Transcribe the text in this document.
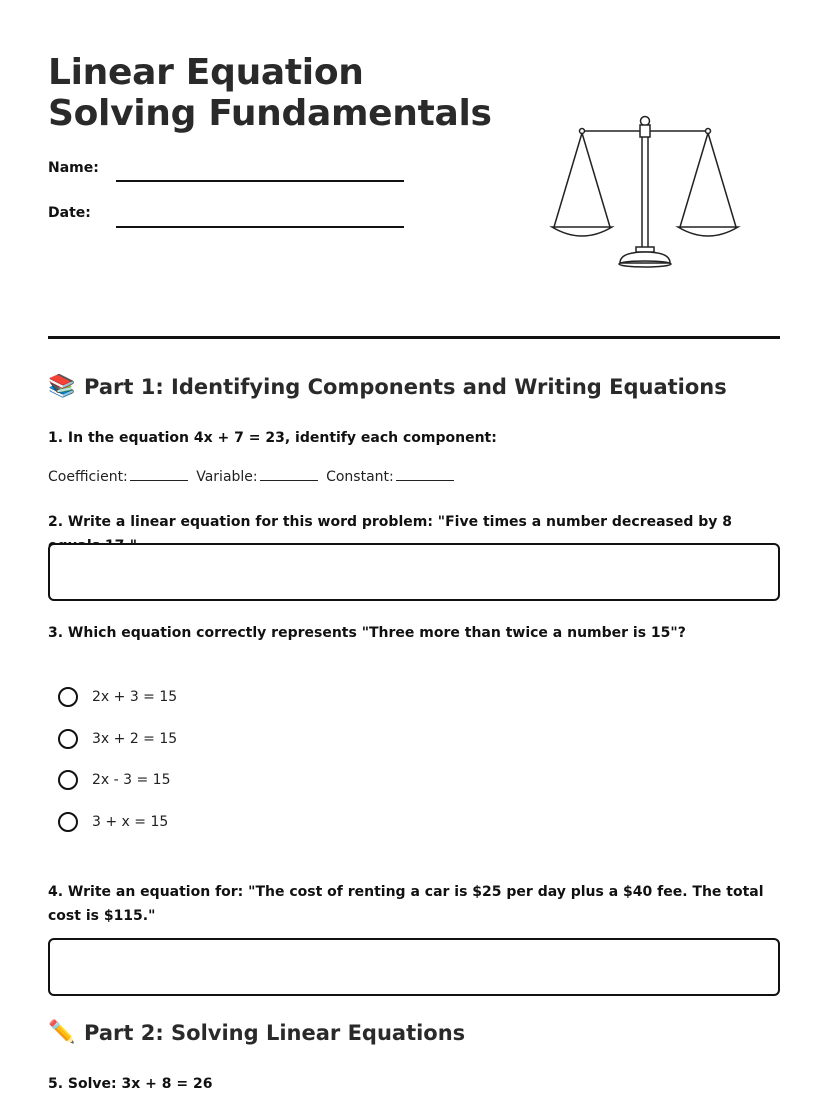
Linear Equation Solving Fundamentals
Name:
Date:
📚 Part 1: Identifying Components and Writing Equations
1. In the equation 4x + 7 = 23, identify each component:
Coefficient:	Variable:	Constant:
2. Write a linear equation for this word problem: "Five times a number decreased by 8
3. Which equation correctly represents "Three more than twice a number is 15"?
2x + 3 = 15
3x + 2 = 15
2x - 3 = 15
3 + x = 15
4. Write an equation for: "The cost of renting a car is $25 per day plus a $40 fee. The total cost is $115."
✏️ Part 2: Solving Linear Equations
5. Solve: 3x + 8 = 26
